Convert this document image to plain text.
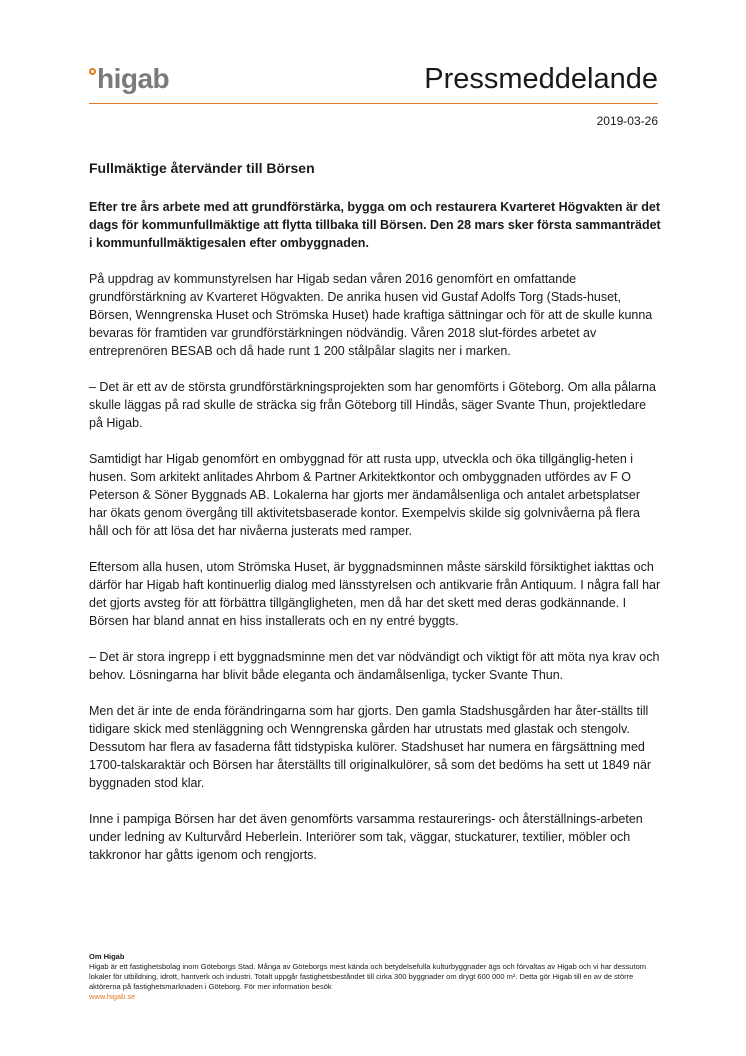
higab	Pressmeddelande
2019-03-26
Fullmäktige återvänder till Börsen

Efter tre års arbete med att grundförstärka, bygga om och restaurera Kvarteret Högvakten är det dags för kommunfullmäktige att flytta tillbaka till Börsen. Den 28 mars sker första sammanträdet i kommunfullmäktigesalen efter ombyggnaden.

På uppdrag av kommunstyrelsen har Higab sedan våren 2016 genomfört en omfattande grundförstärkning av Kvarteret Högvakten. De anrika husen vid Gustaf Adolfs Torg (Stads-huset, Börsen, Wenngrenska Huset och Strömska Huset) hade kraftiga sättningar och för att de skulle kunna bevaras för framtiden var grundförstärkningen nödvändig. Våren 2018 slut-fördes arbetet av entreprenören BESAB och då hade runt 1 200 stålpålar slagits ner i marken.

– Det är ett av de största grundförstärkningsprojekten som har genomförts i Göteborg. Om alla pålarna skulle läggas på rad skulle de sträcka sig från Göteborg till Hindås, säger Svante Thun, projektledare på Higab.

Samtidigt har Higab genomfört en ombyggnad för att rusta upp, utveckla och öka tillgänglig-heten i husen. Som arkitekt anlitades Ahrbom & Partner Arkitektkontor och ombyggnaden utfördes av F O Peterson & Söner Byggnads AB. Lokalerna har gjorts mer ändamålsenliga och antalet arbetsplatser har ökats genom övergång till aktivitetsbaserade kontor. Exempelvis skilde sig golvnivåerna på flera håll och för att lösa det har nivåerna justerats med ramper.

Eftersom alla husen, utom Strömska Huset, är byggnadsminnen måste särskild försiktighet iakttas och därför har Higab haft kontinuerlig dialog med länsstyrelsen och antikvarie från Antiquum. I några fall har det gjorts avsteg för att förbättra tillgängligheten, men då har det skett med deras godkännande. I Börsen har bland annat en hiss installerats och en ny entré byggts.

– Det är stora ingrepp i ett byggnadsminne men det var nödvändigt och viktigt för att möta nya krav och behov. Lösningarna har blivit både eleganta och ändamålsenliga, tycker Svante Thun.

Men det är inte de enda förändringarna som har gjorts. Den gamla Stadshusgården har åter-ställts till tidigare skick med stenläggning och Wenngrenska gården har utrustats med glastak och stengolv. Dessutom har flera av fasaderna fått tidstypiska kulörer. Stadshuset har numera en färgsättning med 1700-talskaraktär och Börsen har återställts till originalkulörer, så som det bedöms ha sett ut 1849 när byggnaden stod klar.

Inne i pampiga Börsen har det även genomförts varsamma restaurerings- och återställnings-arbeten under ledning av Kulturvård Heberlein. Interiörer som tak, väggar, stuckaturer, textilier, möbler och takkronor har gåtts igenom och rengjorts.

Om Higab
Higab är ett fastighetsbolag inom Göteborgs Stad. Många av Göteborgs mest kända och betydelsefulla kulturbyggnader ägs och förvaltas av Higab och vi har dessutom lokaler för utbildning, idrott, hantverk och industri. Totalt uppgår fastighetsbeståndet till cirka 300 byggnader om drygt 600 000 m². Detta gör Higab till en av de större aktörerna på fastighetsmarknaden i Göteborg. För mer information besök
www.higab.se
